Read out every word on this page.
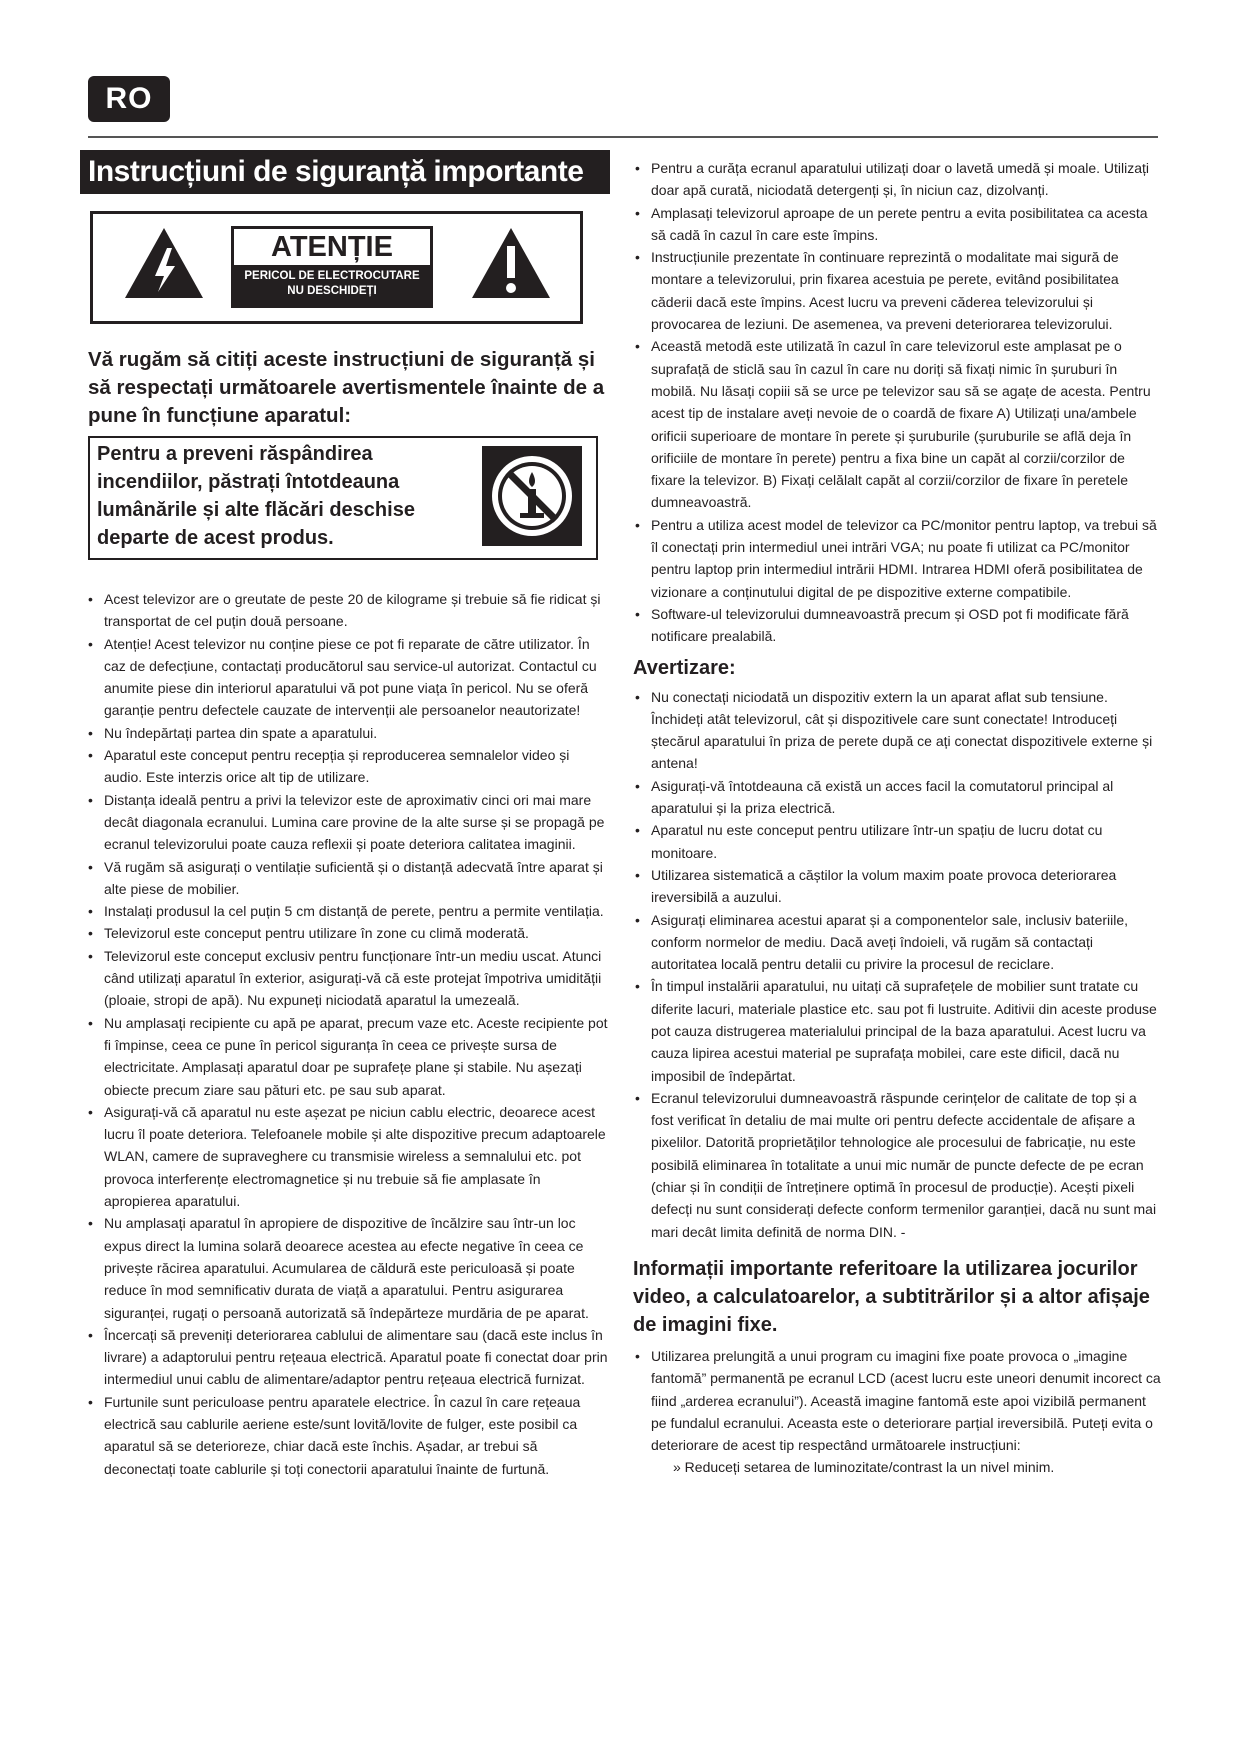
RO
Instrucțiuni de siguranță importante
ATENȚIE
PERICOL DE ELECTROCUTARE
NU DESCHIDEȚI
Vă rugăm să citiți aceste instrucțiuni de siguranță și să respectați următoarele avertismentele înainte de a pune în funcțiune aparatul:
Pentru a preveni răspândirea incendiilor, păstrați întotdeauna lumânările și alte flăcări deschise departe de acest produs.
• Acest televizor are o greutate de peste 20 de kilograme și trebuie să fie ridicat și transportat de cel puțin două persoane.
• Atenție! Acest televizor nu conține piese ce pot fi reparate de către utilizator. În caz de defecțiune, contactați producătorul sau service-ul autorizat. Contactul cu anumite piese din interiorul aparatului vă pot pune viața în pericol. Nu se oferă garanție pentru defectele cauzate de intervenții ale persoanelor neautorizate!
• Nu îndepărtați partea din spate a aparatului.
• Aparatul este conceput pentru recepția și reproducerea semnalelor video și audio. Este interzis orice alt tip de utilizare.
• Distanța ideală pentru a privi la televizor este de aproximativ cinci ori mai mare decât diagonala ecranului. Lumina care provine de la alte surse și se propagă pe ecranul televizorului poate cauza reflexii și poate deteriora calitatea imaginii.
• Vă rugăm să asigurați o ventilație suficientă și o distanță adecvată între aparat și alte piese de mobilier.
• Instalați produsul la cel puțin 5 cm distanță de perete, pentru a permite ventilația.
• Televizorul este conceput pentru utilizare în zone cu climă moderată.
• Televizorul este conceput exclusiv pentru funcționare într-un mediu uscat. Atunci când utilizați aparatul în exterior, asigurați-vă că este protejat împotriva umidității (ploaie, stropi de apă). Nu expuneți niciodată aparatul la umezeală.
• Nu amplasați recipiente cu apă pe aparat, precum vaze etc. Aceste recipiente pot fi împinse, ceea ce pune în pericol siguranța în ceea ce privește sursa de electricitate. Amplasați aparatul doar pe suprafețe plane și stabile. Nu așezați obiecte precum ziare sau pături etc. pe sau sub aparat.
• Asigurați-vă că aparatul nu este așezat pe niciun cablu electric, deoarece acest lucru îl poate deteriora. Telefoanele mobile și alte dispozitive precum adaptoarele WLAN, camere de supraveghere cu transmisie wireless a semnalului etc. pot provoca interferențe electromagnetice și nu trebuie să fie amplasate în apropierea aparatului.
• Nu amplasați aparatul în apropiere de dispozitive de încălzire sau într-un loc expus direct la lumina solară deoarece acestea au efecte negative în ceea ce privește răcirea aparatului. Acumularea de căldură este periculoasă și poate reduce în mod semnificativ durata de viață a aparatului. Pentru asigurarea siguranței, rugați o persoană autorizată să îndepărteze murdăria de pe aparat.
• Încercați să preveniți deteriorarea cablului de alimentare sau (dacă este inclus în livrare) a adaptorului pentru rețeaua electrică. Aparatul poate fi conectat doar prin intermediul unui cablu de alimentare/adaptor pentru rețeaua electrică furnizat.
• Furtunile sunt periculoase pentru aparatele electrice. În cazul în care rețeaua electrică sau cablurile aeriene este/sunt lovită/lovite de fulger, este posibil ca aparatul să se deterioreze, chiar dacă este închis. Așadar, ar trebui să deconectați toate cablurile și toți conectorii aparatului înainte de furtună.
• Pentru a curăța ecranul aparatului utilizați doar o lavetă umedă și moale. Utilizați doar apă curată, niciodată detergenți și, în niciun caz, dizolvanți.
• Amplasați televizorul aproape de un perete pentru a evita posibilitatea ca acesta să cadă în cazul în care este împins.
• Instrucțiunile prezentate în continuare reprezintă o modalitate mai sigură de montare a televizorului, prin fixarea acestuia pe perete, evitând posibilitatea căderii dacă este împins. Acest lucru va preveni căderea televizorului și provocarea de leziuni. De asemenea, va preveni deteriorarea televizorului.
• Această metodă este utilizată în cazul în care televizorul este amplasat pe o suprafață de sticlă sau în cazul în care nu doriți să fixați nimic în șuruburi în mobilă. Nu lăsați copiii să se urce pe televizor sau să se agațe de acesta. Pentru acest tip de instalare aveți nevoie de o coardă de fixare A) Utilizați una/ambele orificii superioare de montare în perete și șuruburile (șuruburile se află deja în orificiile de montare în perete) pentru a fixa bine un capăt al corzii/corzilor de fixare la televizor. B) Fixați celălalt capăt al corzii/corzilor de fixare în peretele dumneavoastră.
• Pentru a utiliza acest model de televizor ca PC/monitor pentru laptop, va trebui să îl conectați prin intermediul unei intrări VGA; nu poate fi utilizat ca PC/monitor pentru laptop prin intermediul intrării HDMI. Intrarea HDMI oferă posibilitatea de vizionare a conținutului digital de pe dispozitive externe compatibile.
• Software-ul televizorului dumneavoastră precum și OSD pot fi modificate fără notificare prealabilă.
Avertizare:
• Nu conectați niciodată un dispozitiv extern la un aparat aflat sub tensiune. Închideți atât televizorul, cât și dispozitivele care sunt conectate! Introduceți ștecărul aparatului în priza de perete după ce ați conectat dispozitivele externe și antena!
• Asigurați-vă întotdeauna că există un acces facil la comutatorul principal al aparatului și la priza electrică.
• Aparatul nu este conceput pentru utilizare într-un spațiu de lucru dotat cu monitoare.
• Utilizarea sistematică a căștilor la volum maxim poate provoca deteriorarea ireversibilă a auzului.
• Asigurați eliminarea acestui aparat și a componentelor sale, inclusiv bateriile, conform normelor de mediu. Dacă aveți îndoieli, vă rugăm să contactați autoritatea locală pentru detalii cu privire la procesul de reciclare.
• În timpul instalării aparatului, nu uitați că suprafețele de mobilier sunt tratate cu diferite lacuri, materiale plastice etc. sau pot fi lustruite. Aditivii din aceste produse pot cauza distrugerea materialului principal de la baza aparatului. Acest lucru va cauza lipirea acestui material pe suprafața mobilei, care este dificil, dacă nu imposibil de îndepărtat.
• Ecranul televizorului dumneavoastră răspunde cerințelor de calitate de top și a fost verificat în detaliu de mai multe ori pentru defecte accidentale de afișare a pixelilor. Datorită proprietăților tehnologice ale procesului de fabricație, nu este posibilă eliminarea în totalitate a unui mic număr de puncte defecte de pe ecran (chiar și în condiții de întreținere optimă în procesul de producție). Acești pixeli defecți nu sunt considerați defecte conform termenilor garanției, dacă nu sunt mai mari decât limita definită de norma DIN. -
Informații importante referitoare la utilizarea jocurilor video, a calculatoarelor, a subtitrărilor și a altor afișaje de imagini fixe.
• Utilizarea prelungită a unui program cu imagini fixe poate provoca o „imagine fantomă” permanentă pe ecranul LCD (acest lucru este uneori denumit incorect ca fiind „arderea ecranului”). Această imagine fantomă este apoi vizibilă permanent pe fundalul ecranului. Aceasta este o deteriorare parțial ireversibilă. Puteți evita o deteriorare de acest tip respectând următoarele instrucțiuni:
» Reduceți setarea de luminozitate/contrast la un nivel minim.
